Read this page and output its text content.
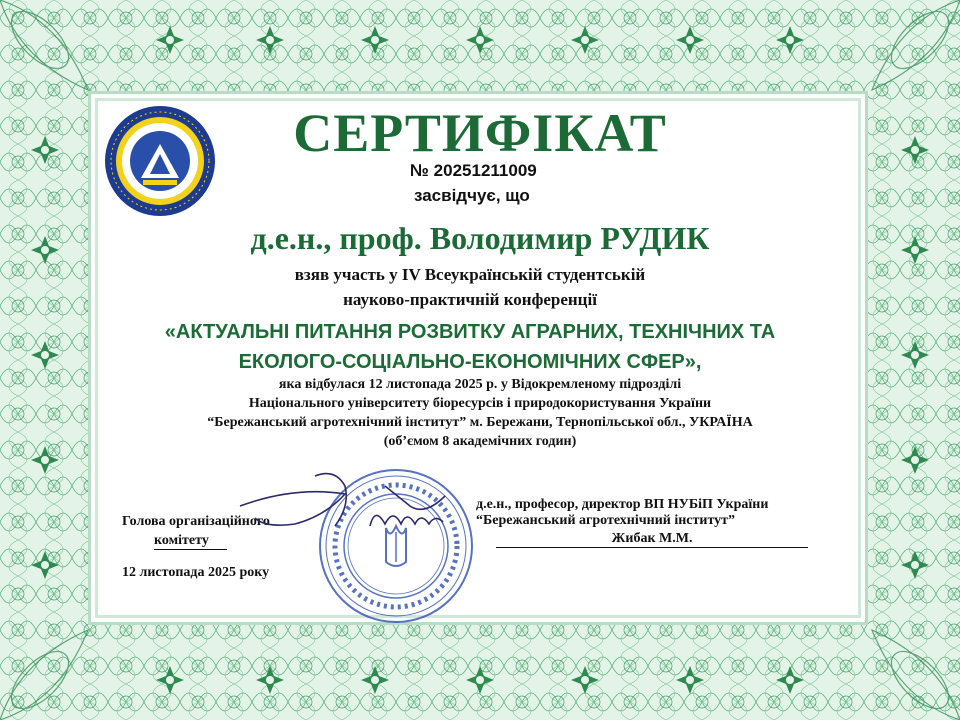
СЕРТИФІКАТ
№ 20251211009
засвідчує, що
д.е.н., проф. Володимир РУДИК
взяв участь у IV Всеукраїнській студентській
науково-практичній конференції
«АКТУАЛЬНІ ПИТАННЯ РОЗВИТКУ АГРАРНИХ, ТЕХНІЧНИХ ТА
ЕКОЛОГО-СОЦІАЛЬНО-ЕКОНОМІЧНИХ СФЕР»,
яка відбулася 12 листопада 2025 р. у Відокремленому підрозділі
Національного університету біоресурсів і природокористування України
“Бережанський агротехнічний інститут” м. Бережани, Тернопільської обл., УКРАЇНА
(об’ємом 8 академічних годин)
Голова організаційного
комітету
12 листопада 2025 року
д.е.н., професор, директор ВП НУБіП України
“Бережанський агротехнічний інститут”
Жибак М.М.
